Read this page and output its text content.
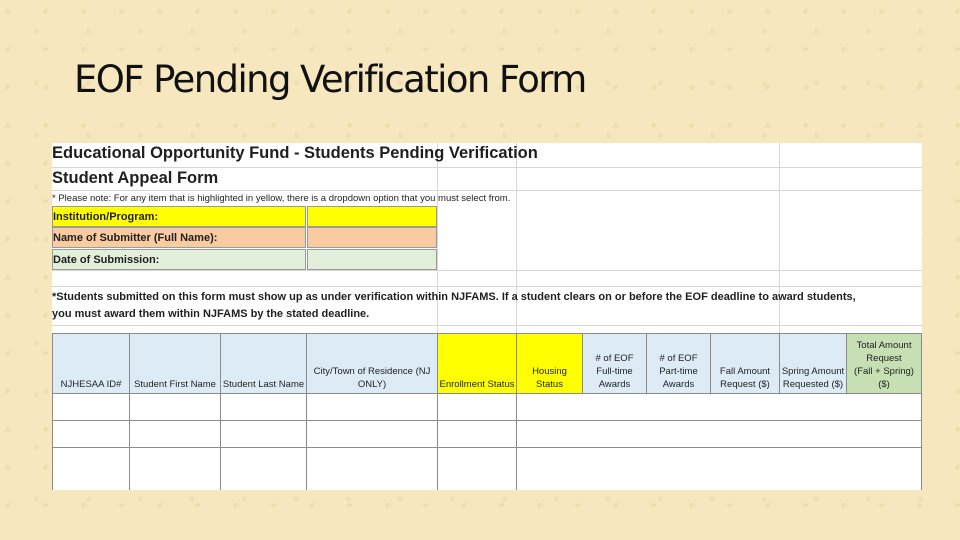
EOF Pending Verification Form
Educational Opportunity Fund - Students Pending Verification
Student Appeal Form
* Please note: For any item that is highlighted in yellow, there is a dropdown option that you must select from.
Institution/Program:
Name of Submitter (Full Name):
Date of Submission:
*Students submitted on this form must show up as under verification within NJFAMS. If a student clears on or before the EOF deadline to award students,
you must award them within NJFAMS by the stated deadline.
NJHESAA ID#	Student First Name Student Last Name
City/Town of Residence (NJ
ONLY)	Enrollment Status
Housing
Status
# of EOF
Full-time
Awards
# of EOF
Part-time
Awards
Fall Amount
Request ($)
Spring Amount
Requested ($)
Total Amount
Request
(Fall + Spring)
($)
